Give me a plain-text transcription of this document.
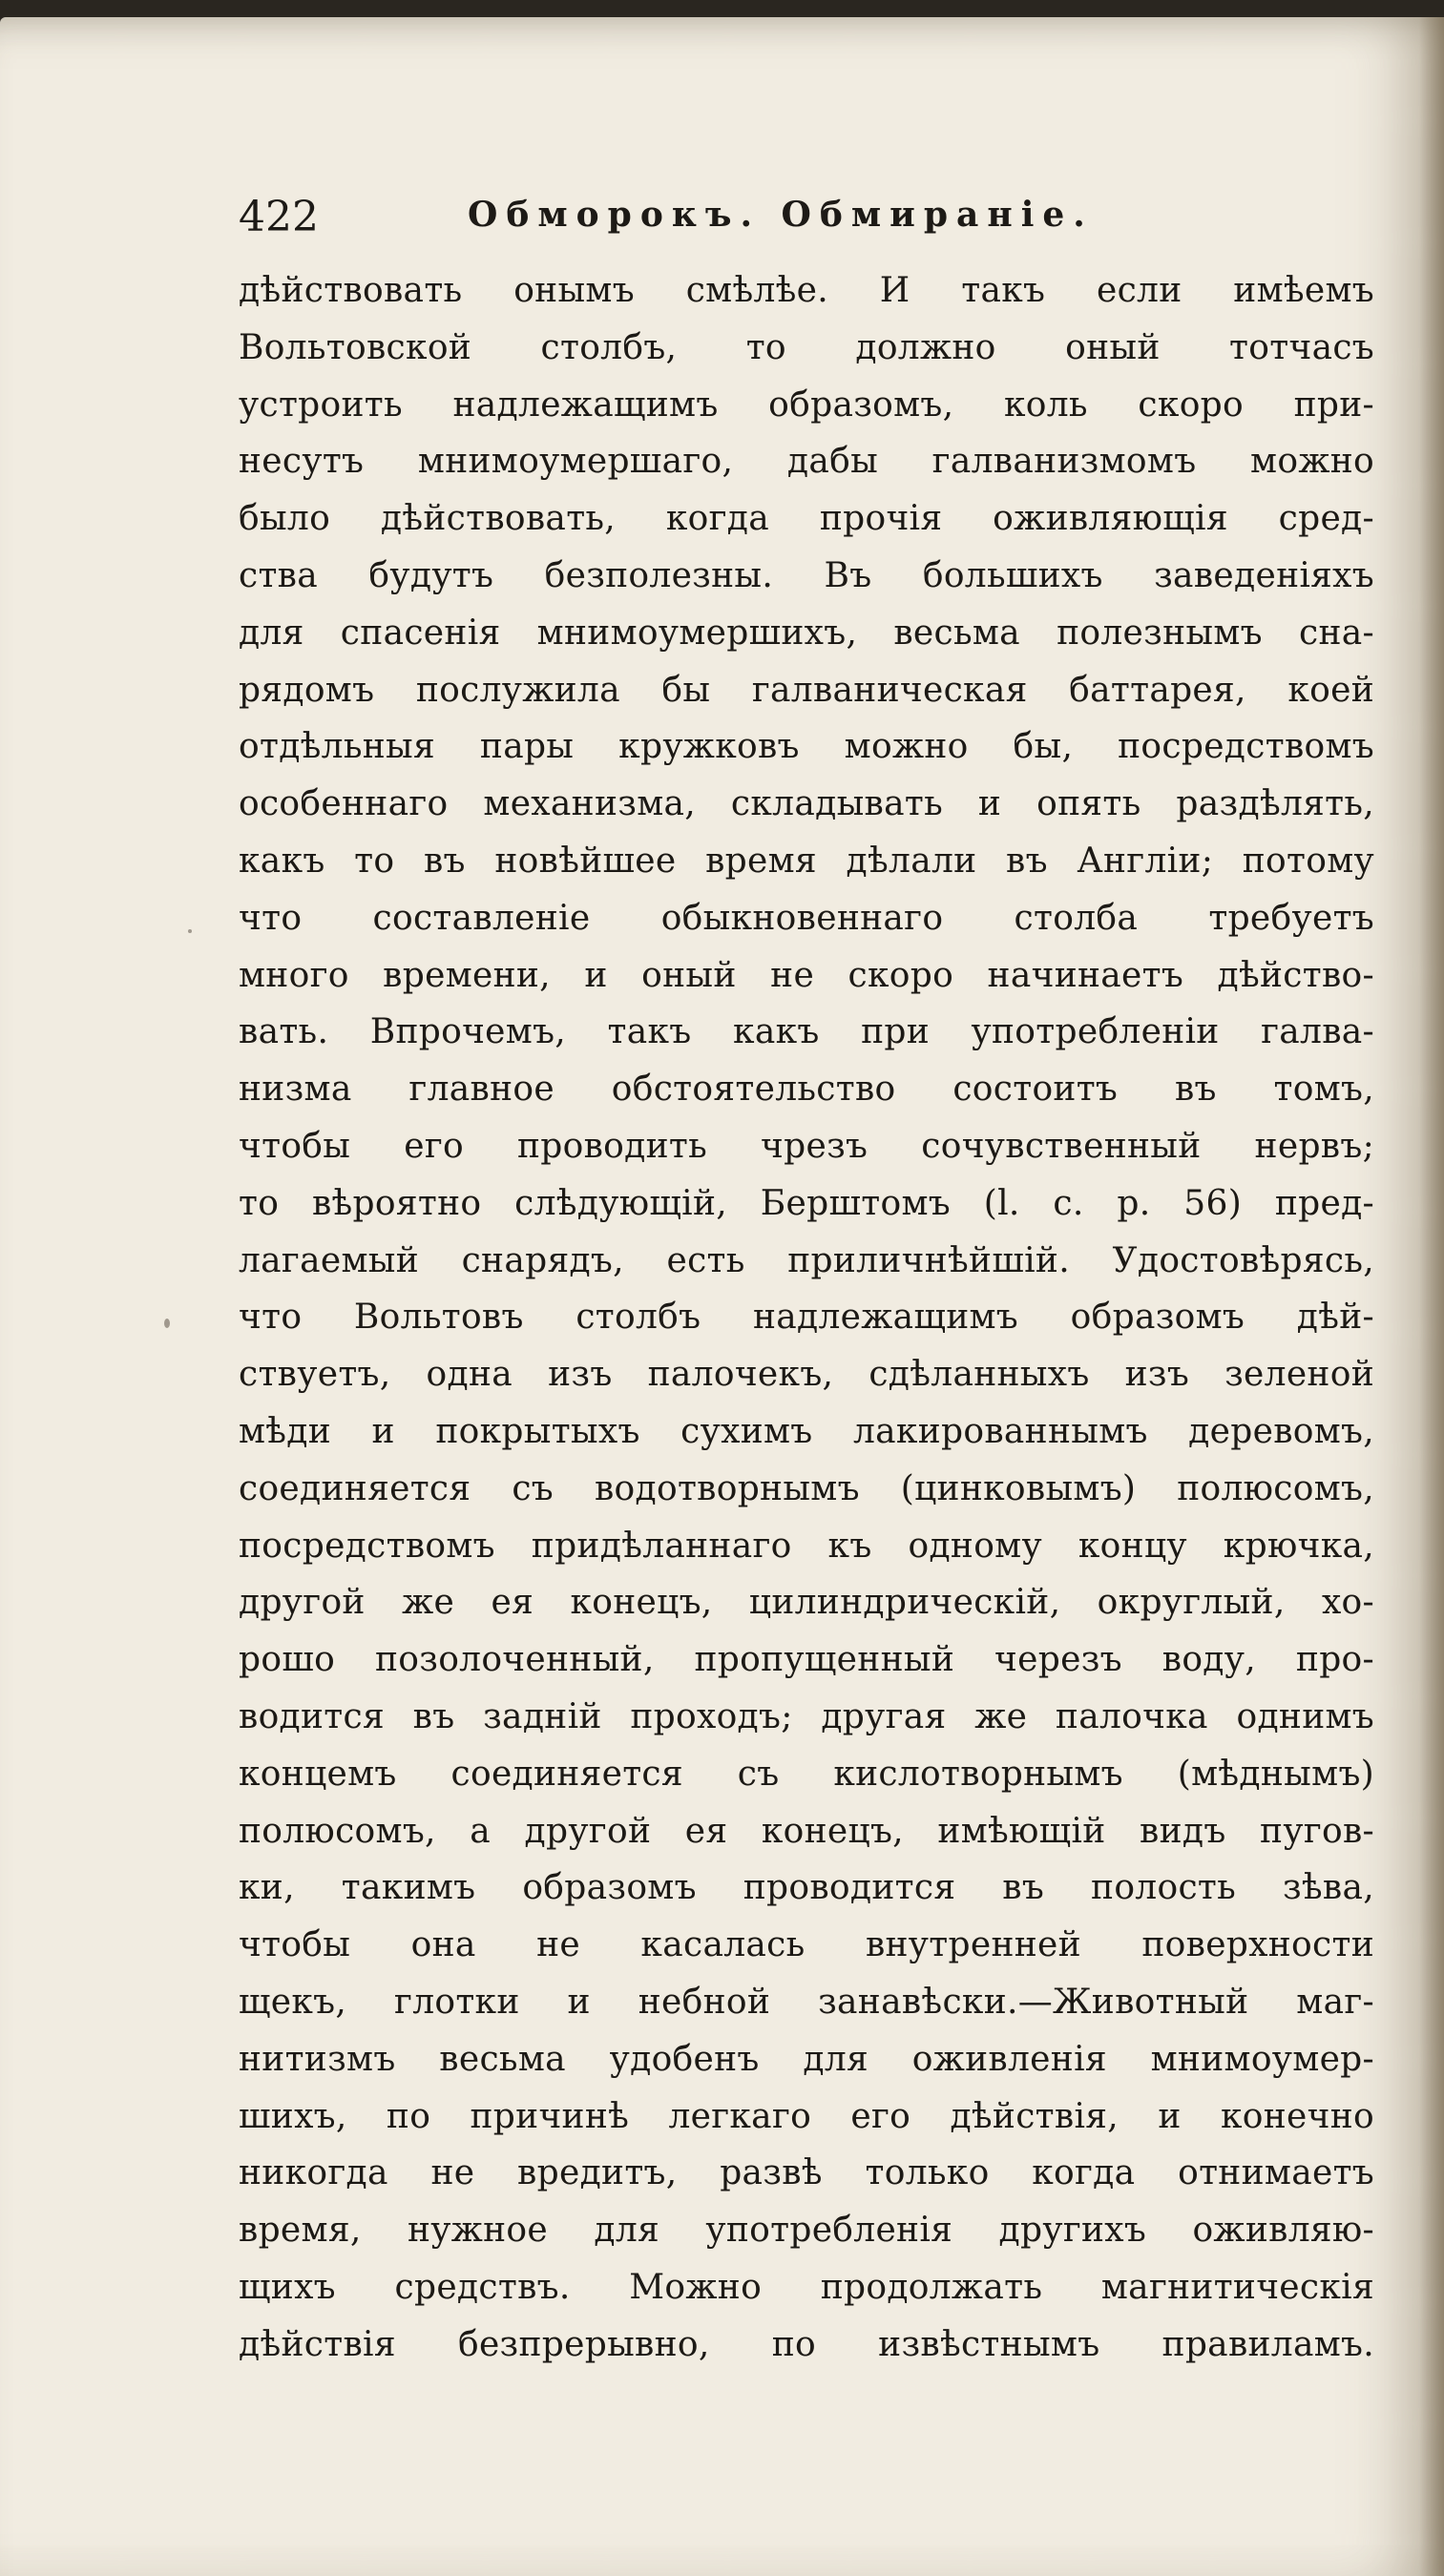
422	Обморокъ. Обмираніе.
дѣйствовать онымъ смѣлѣе. И такъ если имѣемъ
Вольтовской столбъ, то должно оный тотчасъ
устроить надлежащимъ образомъ, коль скоро при-
несутъ мнимоумершаго, дабы галванизмомъ можно
было дѣйствовать, когда прочія оживляющія сред-
ства будутъ безполезны. Въ большихъ заведеніяхъ
для спасенія мнимоумершихъ, весьма полезнымъ сна-
рядомъ послужила бы галваническая баттарея, коей
отдѣльныя пары кружковъ можно бы, посредствомъ
особеннаго механизма, складывать и опять раздѣлять,
какъ то въ новѣйшее время дѣлали въ Англіи; потому
что составленіе обыкновеннаго столба требуетъ
много времени, и оный не скоро начинаетъ дѣйство-
вать. Впрочемъ, такъ какъ при употребленіи галва-
низма главное обстоятельство состоитъ въ томъ,
чтобы его проводить чрезъ сочувственный нервъ;
то вѣроятно слѣдующій, Берштомъ (l. c. p. 56) пред-
лагаемый снарядъ, есть приличнѣйшій. Удостовѣрясь,
что Вольтовъ столбъ надлежащимъ образомъ дѣй-
ствуетъ, одна изъ палочекъ, сдѣланныхъ изъ зеленой
мѣди и покрытыхъ сухимъ лакированнымъ деревомъ,
соединяется съ водотворнымъ (цинковымъ) полюсомъ,
посредствомъ придѣланнаго къ одному концу крючка,
другой же ея конецъ, цилиндрическій, округлый, хо-
рошо позолоченный, пропущенный черезъ воду, про-
водится въ задній проходъ; другая же палочка однимъ
концемъ соединяется съ кислотворнымъ (мѣднымъ)
полюсомъ, а другой ея конецъ, имѣющій видъ пугов-
ки, такимъ образомъ проводится въ полость зѣва,
чтобы она не касалась внутренней поверхности
щекъ, глотки и небной занавѣски.—Животный маг-
нитизмъ весьма удобенъ для оживленія мнимоумер-
шихъ, по причинѣ легкаго его дѣйствія, и конечно
никогда не вредитъ, развѣ только когда отнимаетъ
время, нужное для употребленія другихъ оживляю-
щихъ средствъ. Можно продолжать магнитическія
дѣйствія безпрерывно, по извѣстнымъ правиламъ.
